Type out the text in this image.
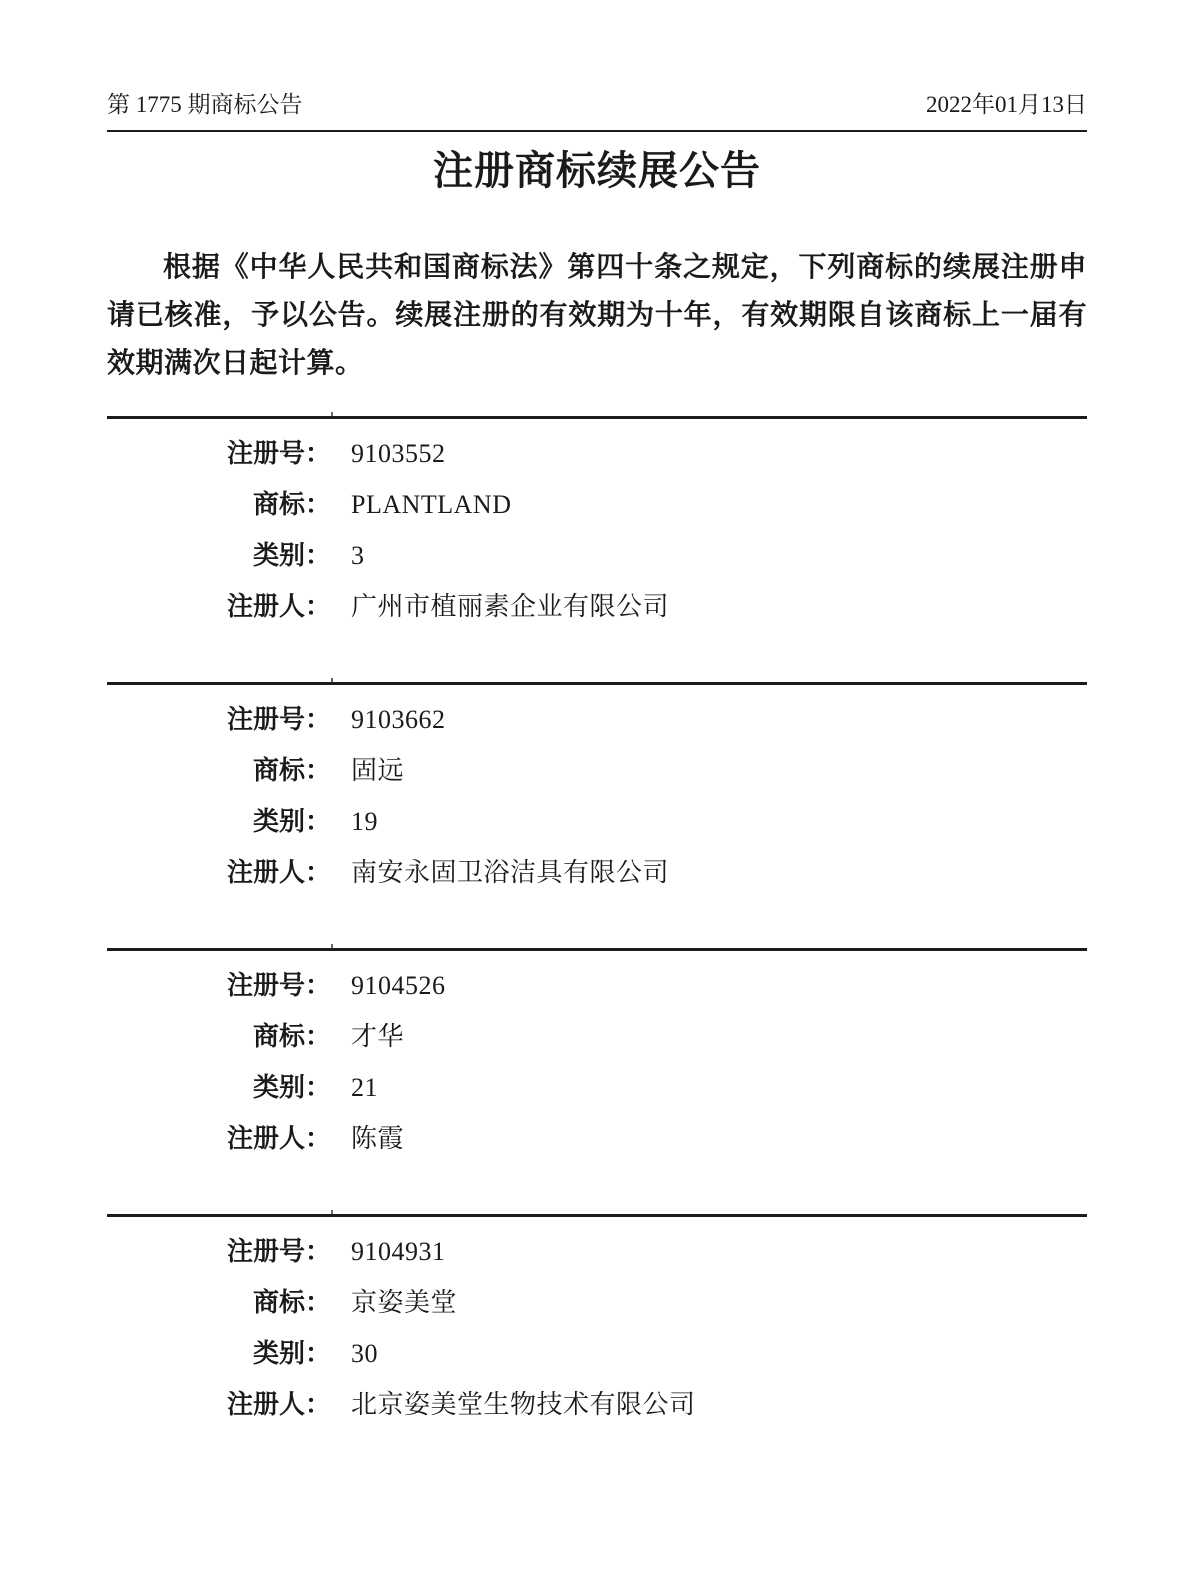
第 1775 期商标公告	2022年01月13日
注册商标续展公告

根据《中华人民共和国商标法》第四十条之规定，下列商标的续展注册申请已核准，予以公告。续展注册的有效期为十年，有效期限自该商标上一届有效期满次日起计算。

注册号： 9103552
商标： PLANTLAND
类别： 3
注册人： 广州市植丽素企业有限公司
注册号： 9103662
商标： 固远
类别： 19
注册人： 南安永固卫浴洁具有限公司
注册号： 9104526
商标： 才华
类别： 21
注册人： 陈霞
注册号： 9104931
商标： 京姿美堂
类别： 30
注册人： 北京姿美堂生物技术有限公司
